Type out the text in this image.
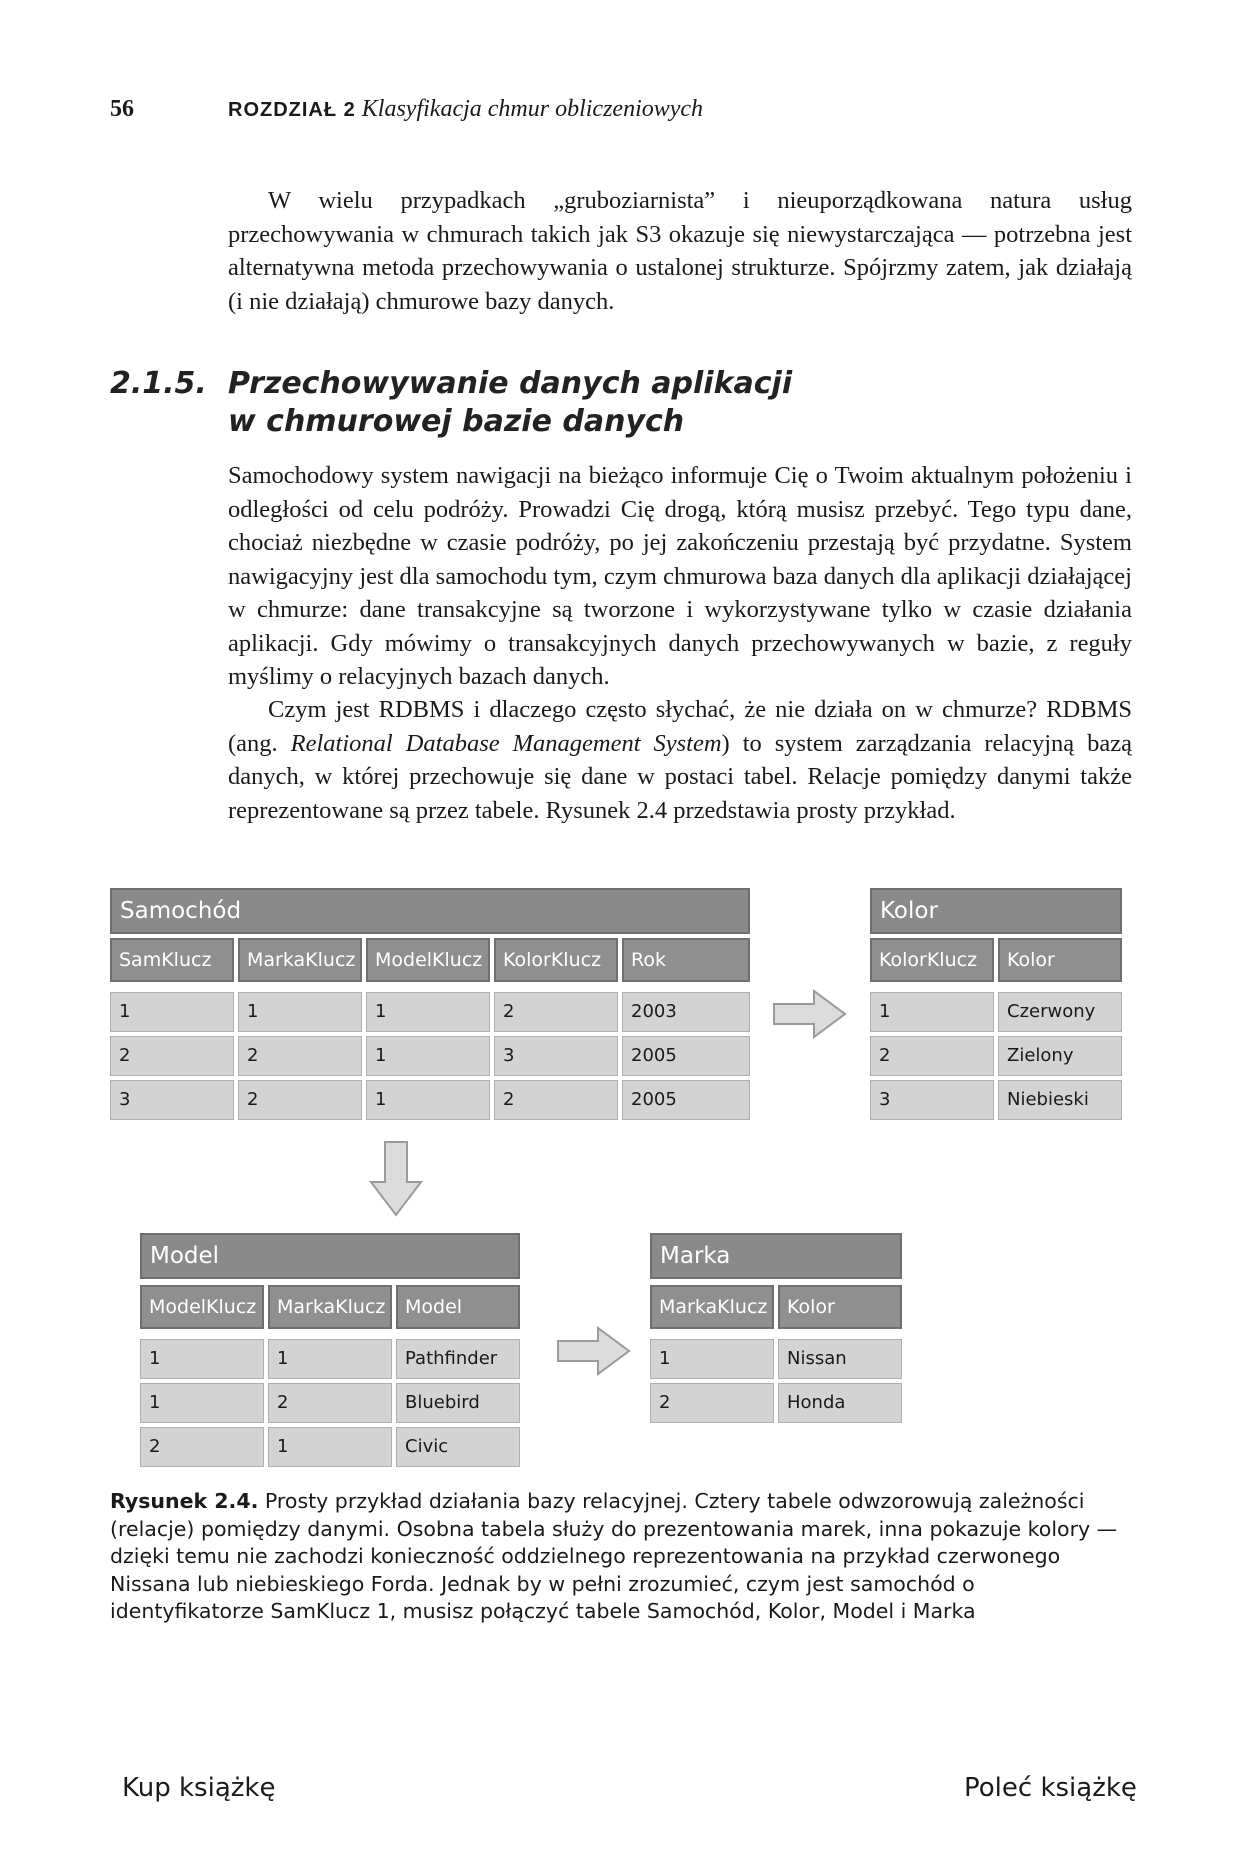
56	ROZDZIAŁ 2 Klasyfikacja chmur obliczeniowych

W wielu przypadkach „gruboziarnista” i nieuporządkowana natura usług przechowywania w chmurach takich jak S3 okazuje się niewystarczająca — potrzebna jest alternatywna metoda przechowywania o ustalonej strukturze. Spójrzmy zatem, jak działają (i nie działają) chmurowe bazy danych.

2.1.5. Przechowywanie danych aplikacji
w chmurowej bazie danych

Samochodowy system nawigacji na bieżąco informuje Cię o Twoim aktualnym położeniu i odległości od celu podróży. Prowadzi Cię drogą, którą musisz przebyć. Tego typu dane, chociaż niezbędne w czasie podróży, po jej zakończeniu przestają być przydatne. System nawigacyjny jest dla samochodu tym, czym chmurowa baza danych dla aplikacji działającej w chmurze: dane transakcyjne są tworzone i wykorzystywane tylko w czasie działania aplikacji. Gdy mówimy o transakcyjnych danych przechowywanych w bazie, z reguły myślimy o relacyjnych bazach danych.

Czym jest RDBMS i dlaczego często słychać, że nie działa on w chmurze? RDBMS (ang. Relational Database Management System) to system zarządzania relacyjną bazą danych, w której przechowuje się dane w postaci tabel. Relacje pomiędzy danymi także reprezentowane są przez tabele. Rysunek 2.4 przedstawia prosty przykład.

Samochód
SamKlucz	MarkaKlucz	ModelKlucz	KolorKlucz	Rok
1	1	1	2	2003
2	2	1	3	2005
3	2	1	2	2005
Kolor
KolorKlucz	Kolor
1	Czerwony
2	Zielony
3	Niebieski
Model
ModelKlucz	MarkaKlucz	Model
1	1	Pathfinder
1	2	Bluebird
2	1	Civic
Marka
MarkaKlucz	Kolor
1	Nissan
2	Honda
Rysunek 2.4. Prosty przykład działania bazy relacyjnej. Cztery tabele odwzorowują zależności (relacje) pomiędzy danymi. Osobna tabela służy do prezentowania marek, inna pokazuje kolory — dzięki temu nie zachodzi konieczność oddzielnego reprezentowania na przykład czerwonego Nissana lub niebieskiego Forda. Jednak by w pełni zrozumieć, czym jest samochód o identyfikatorze SamKlucz 1, musisz połączyć tabele Samochód, Kolor, Model i Marka
Kup książkę	Poleć książkę
